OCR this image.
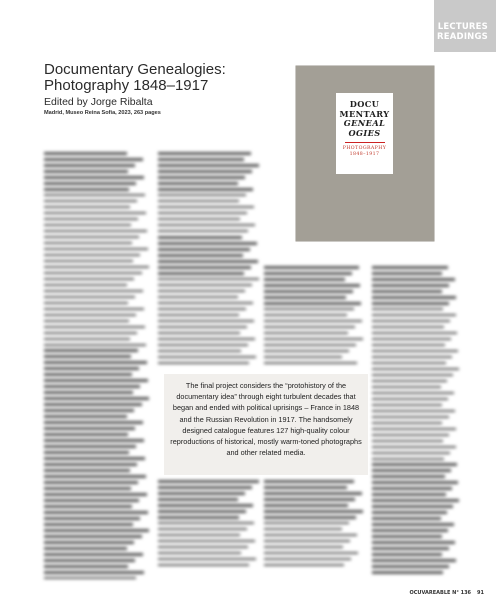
LECTURES
READINGS
Documentary Genealogies:
Photography 1848–1917
Edited by Jorge Ribalta
Madrid, Museo Reina Sofia, 2023, 263 pages
DOCU
MENTARY
GENEAL
OGIES
PHOTOGRAPHY
1848–1917
The final project considers the “protohistory of the documentary idea” through eight turbulent decades that began and ended with political uprisings – France in 1848 and the Russian Revolution in 1917. The handsomely designed catalogue features 127 high-quality colour reproductions of historical, mostly warm-toned photographs and other related media.
OCUVAREABLE N° 136 91
